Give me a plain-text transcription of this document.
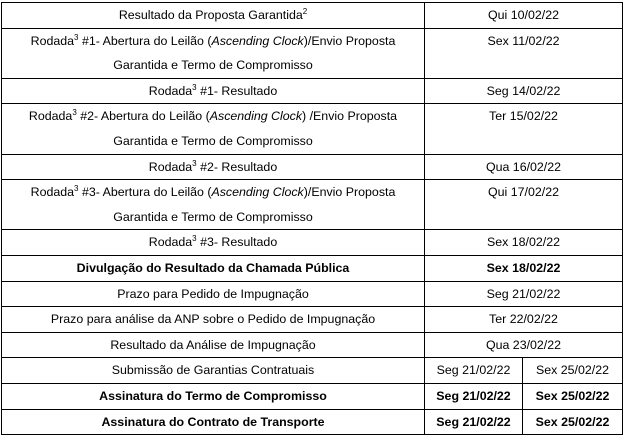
Resultado da Proposta Garantida$^2$	Qui 10/02/22	

Rodada$^3$ #1- Abertura do Leilão (Ascending Clock)/Envio Proposta
Garantida e Termo de Compromisso	Sex 11/02/22	
Rodada$^3$ #1- Resultado	Seg 14/02/22	

Rodada$^3$ #2- Abertura do Leilão (Ascending Clock) /Envio Proposta
Garantida e Termo de Compromisso	Ter 15/02/22	
Rodada$^3$ #2- Resultado	Qua 16/02/22	

Rodada$^3$ #3- Abertura do Leilão (Ascending Clock)/Envio Proposta
Garantida e Termo de Compromisso	Qui 17/02/22	
Rodada$^3$ #3- Resultado	Sex 18/02/22	
Divulgação do Resultado da Chamada Pública	Sex 18/02/22	
Prazo para Pedido de Impugnação	Seg 21/02/22	
Prazo para análise da ANP sobre o Pedido de Impugnação	Ter 22/02/22	
Resultado da Análise de Impugnação	Qua 23/02/22	
Submissão de Garantias Contratuais	Seg 21/02/22	Sex 25/02/22
Assinatura do Termo de Compromisso	Seg 21/02/22	Sex 25/02/22
Assinatura do Contrato de Transporte	Seg 21/02/22	Sex 25/02/22
